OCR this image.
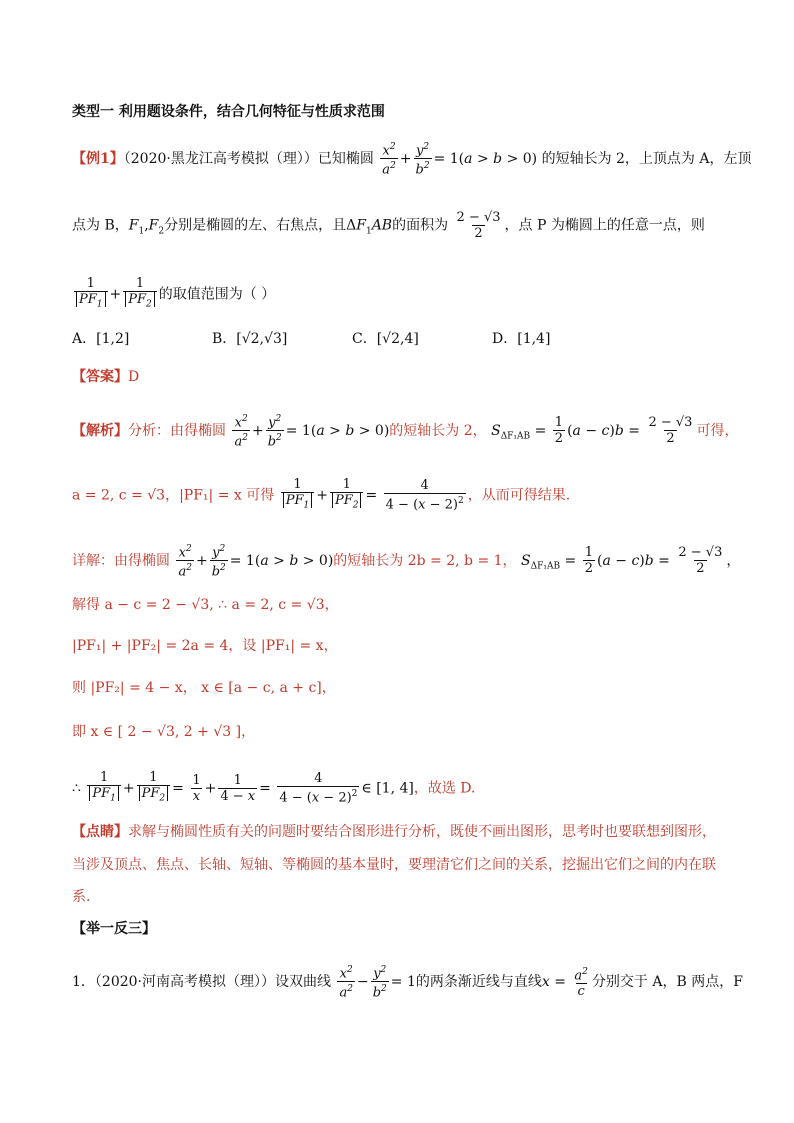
类型一 利用题设条件，结合几何特征与性质求范围
【例1】（2020·黑龙江高考模拟（理））已知椭圆 $\frac{x^2}{a^2} + \frac{y^2}{b^2} = 1(a > b > 0)$ 的短轴长为 2，上顶点为 A，左顶
点为 B，$F_1,F_2$分别是椭圆的左、右焦点，且$\Delta F_1AB$的面积为 $\frac{2 - √3}{2}$ ，点 P 为椭圆上的任意一点，则
$\frac{1}{PF_1} + \frac{1}{PF_2}$ 的取值范围为（ ）
A．[1,2]	B．[√2,√3]	C．[√2,4]	D．[1,4]
【答案】D
【解析】分析：由得椭圆 $\frac{x^2}{a^2} + \frac{y^2}{b^2} = 1(a > b > 0)$的短轴长为 2， $S_{\Delta F_1AB} = \frac{1}{2} (a - c)b = \frac{2 - √3}{2}$ 可得，
a = 2, c = √3，|PF₁| = x 可得 $\frac{1}{PF_1} + \frac{1}{PF_2} = \frac{4}{4 - (x - 2)^2}$ ，从而可得结果.
详解：由得椭圆 $\frac{x^2}{a^2} + \frac{y^2}{b^2} = 1(a > b > 0)$的短轴长为 2b = 2, b = 1， $S_{\Delta F_1AB} = \frac{1}{2} (a - c)b = \frac{2 - √3}{2}$ ，
解得 a − c = 2 − √3, ∴ a = 2, c = √3，
|PF₁| + |PF₂| = 2a = 4，设 |PF₁| = x，
则 |PF₂| = 4 − x， x ∈ [a − c, a + c]，
即 x ∈ [ 2 − √3, 2 + √3 ]，
∴ $\frac{1}{PF_1} + \frac{1}{PF_2} = \frac{1}{x} + \frac{1}{4 - x} = \frac{4}{4 - (x - 2)^2}$ ∈ [1, 4]，故选 D.
【点睛】求解与椭圆性质有关的问题时要结合图形进行分析，既使不画出图形，思考时也要联想到图形，
当涉及顶点、焦点、长轴、短轴、等椭圆的基本量时，要理清它们之间的关系，挖掘出它们之间的内在联
系.
【举一反三】
1．（2020·河南高考模拟（理））设双曲线 $\frac{x^2}{a^2} - \frac{y^2}{b^2} = 1$的两条渐近线与直线$x = \frac{a^2}{c}$ 分别交于 A，B 两点，F
